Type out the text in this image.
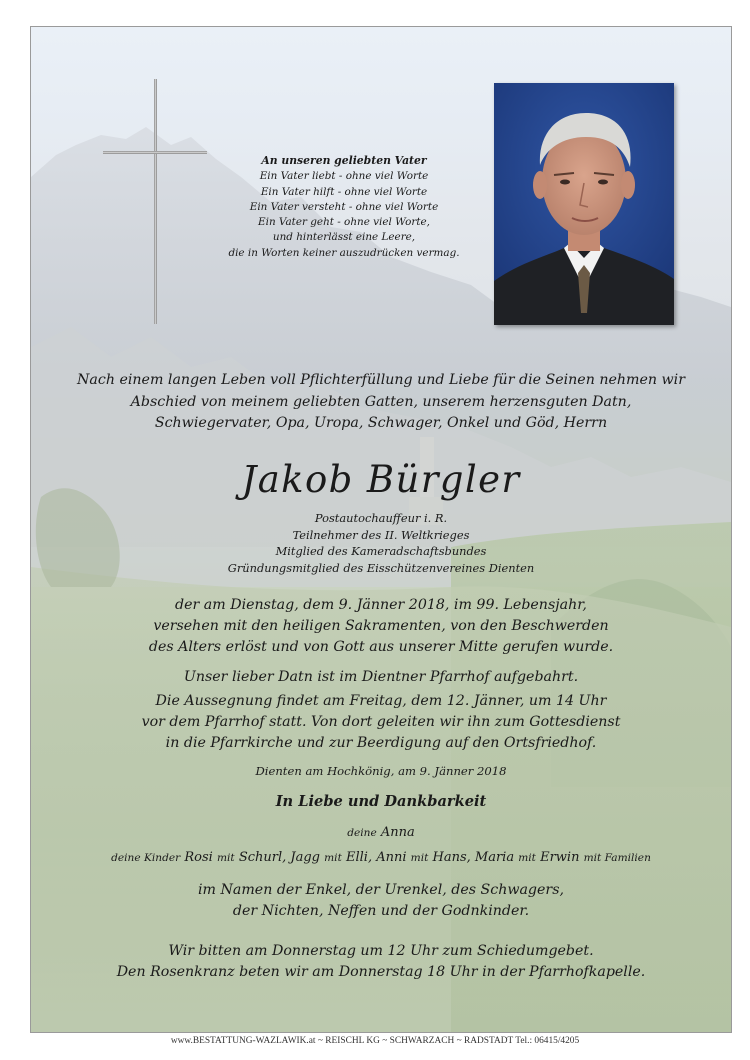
An unseren geliebten Vater
Ein Vater liebt - ohne viel Worte
Ein Vater hilft - ohne viel Worte
Ein Vater versteht - ohne viel Worte
Ein Vater geht - ohne viel Worte,
und hinterlässt eine Leere,
die in Worten keiner auszudrücken vermag.
Nach einem langen Leben voll Pflichterfüllung und Liebe für die Seinen nehmen wir
Abschied von meinem geliebten Gatten, unserem herzensguten Datn,
Schwiegervater, Opa, Uropa, Schwager, Onkel und Göd, Herrn
Jakob Bürgler
Postautochauffeur i. R.
Teilnehmer des II. Weltkrieges
Mitglied des Kameradschaftsbundes
Gründungsmitglied des Eisschützenvereines Dienten
der am Dienstag, dem 9. Jänner 2018, im 99. Lebensjahr,
versehen mit den heiligen Sakramenten, von den Beschwerden
des Alters erlöst und von Gott aus unserer Mitte gerufen wurde.
Unser lieber Datn ist im Dientner Pfarrhof aufgebahrt.
Die Aussegnung findet am Freitag, dem 12. Jänner, um 14 Uhr
vor dem Pfarrhof statt. Von dort geleiten wir ihn zum Gottesdienst
in die Pfarrkirche und zur Beerdigung auf den Ortsfriedhof.
Dienten am Hochkönig, am 9. Jänner 2018
In Liebe und Dankbarkeit
deine Anna
deine Kinder Rosi mit Schurl, Jagg mit Elli, Anni mit Hans, Maria mit Erwin mit Familien
im Namen der Enkel, der Urenkel, des Schwagers,
der Nichten, Neffen und der Godnkinder.
Wir bitten am Donnerstag um 12 Uhr zum Schiedumgebet.
Den Rosenkranz beten wir am Donnerstag 18 Uhr in der Pfarrhofkapelle.
www.BESTATTUNG-WAZLAWIK.at ~ REISCHL KG ~ SCHWARZACH ~ RADSTADT Tel.: 06415/4205
